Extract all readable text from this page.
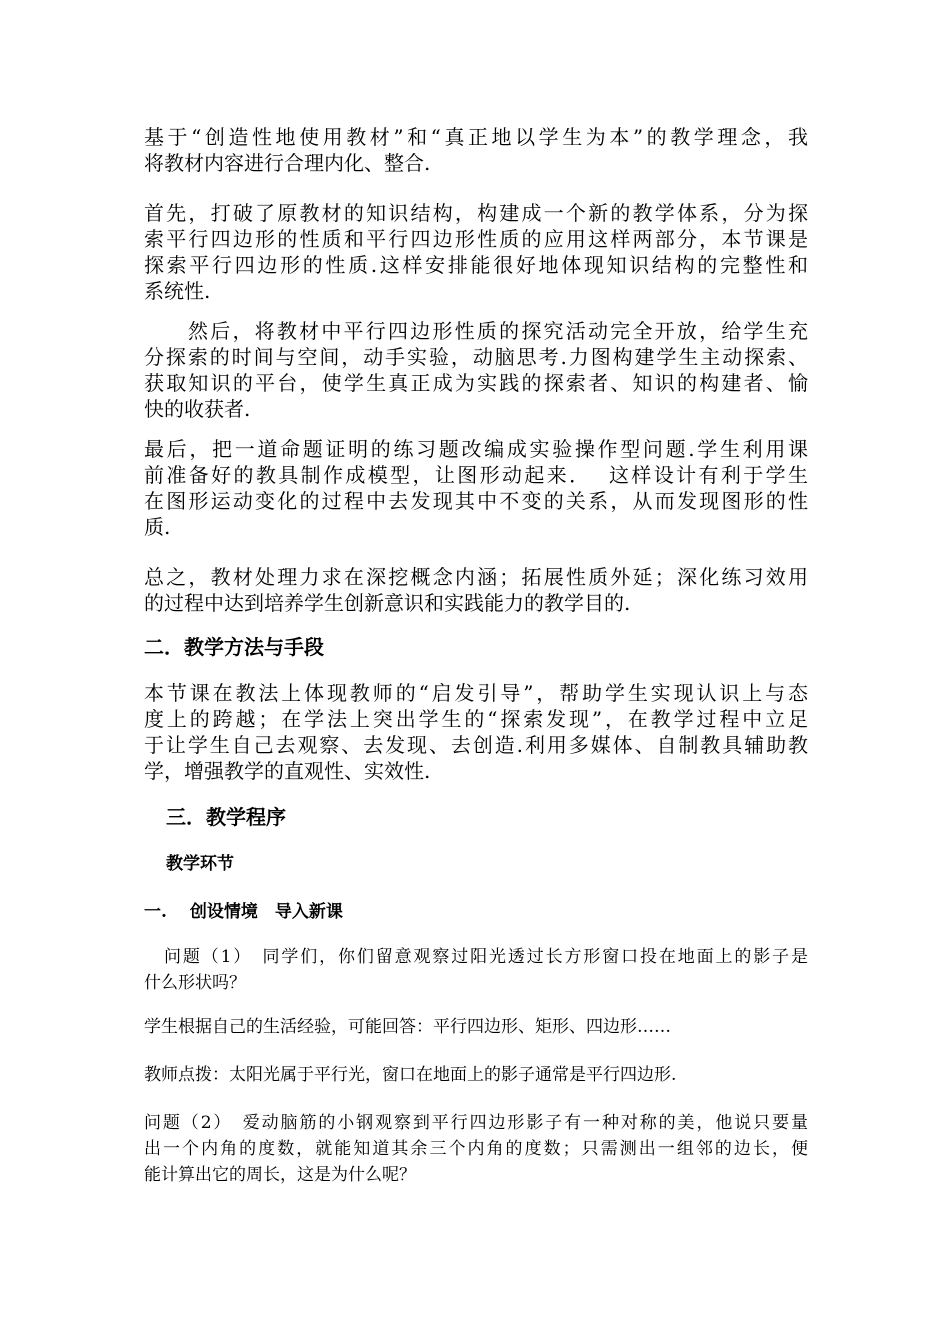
基于“创造性地使用教材”和“真正地以学生为本”的教学理念，我
将教材内容进行合理内化、整合.
首先，打破了原教材的知识结构，构建成一个新的教学体系，分为探
索平行四边形的性质和平行四边形性质的应用这样两部分，本节课是
探索平行四边形的性质.这样安排能很好地体现知识结构的完整性和
系统性.
然后，将教材中平行四边形性质的探究活动完全开放，给学生充
分探索的时间与空间，动手实验，动脑思考.力图构建学生主动探索、
获取知识的平台，使学生真正成为实践的探索者、知识的构建者、愉
快的收获者.
最后，把一道命题证明的练习题改编成实验操作型问题.学生利用课
前准备好的教具制作成模型，让图形动起来．  这样设计有利于学生
在图形运动变化的过程中去发现其中不变的关系，从而发现图形的性
质.
总之，教材处理力求在深挖概念内涵；拓展性质外延；深化练习效用
的过程中达到培养学生创新意识和实践能力的教学目的.
二．教学方法与手段
本节课在教法上体现教师的“启发引导”，帮助学生实现认识上与态
度上的跨越；在学法上突出学生的“探索发现”，在教学过程中立足
于让学生自己去观察、去发现、去创造.利用多媒体、自制教具辅助教
学，增强教学的直观性、实效性.
三．教学程序
教学环节
一.　 创设情境　导入新课
问题（1）　同学们，你们留意观察过阳光透过长方形窗口投在地面上的影子是
什么形状吗？
学生根据自己的生活经验，可能回答：平行四边形、矩形、四边形……
教师点拨：太阳光属于平行光，窗口在地面上的影子通常是平行四边形.
问题（2）　爱动脑筋的小钢观察到平行四边形影子有一种对称的美，他说只要量
出一个内角的度数，就能知道其余三个内角的度数；只需测出一组邻的边长，便
能计算出它的周长，这是为什么呢？
